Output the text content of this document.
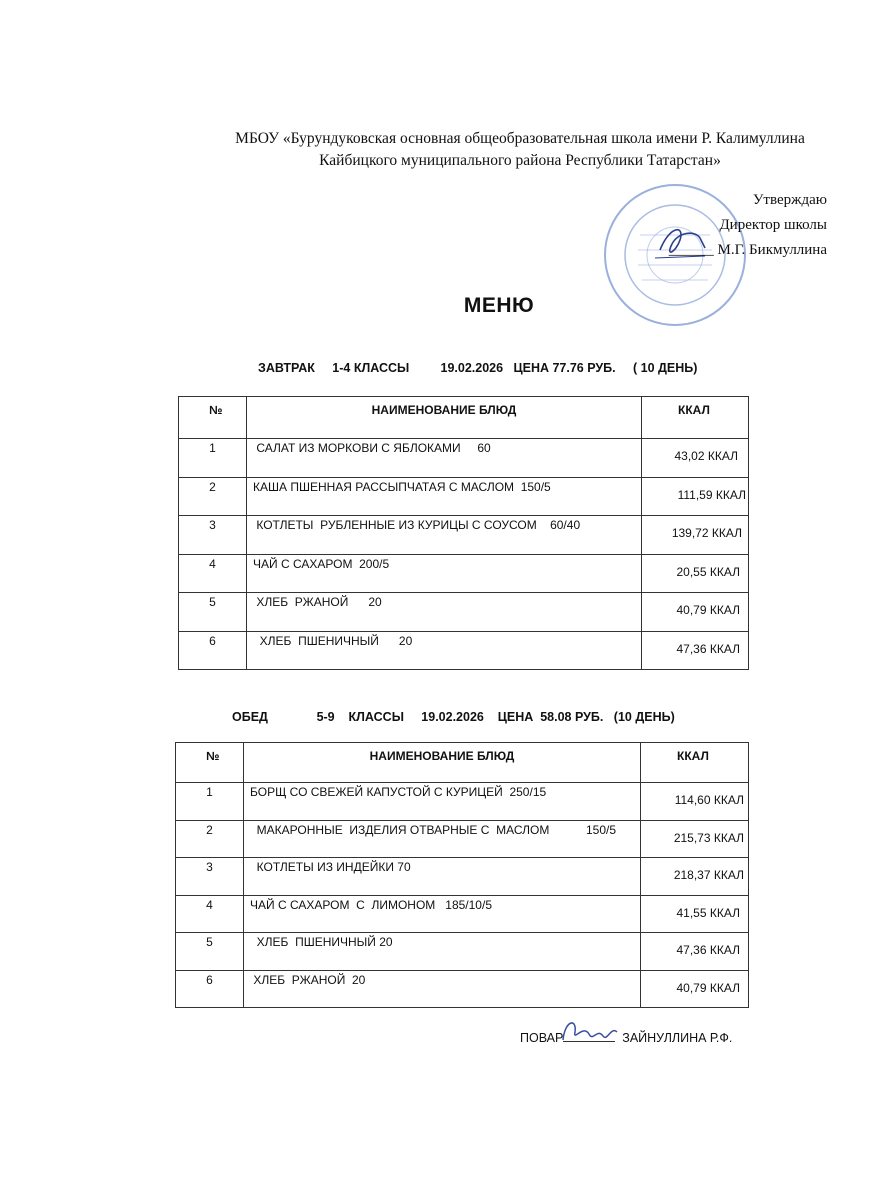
МБОУ «Бурундуковская основная общеобразовательная школа имени Р. Калимуллина
Кайбицкого муниципального района Республики Татарстан»
Утверждаю
Директор школы
______ М.Г. Бикмуллина
МЕНЮ
ЗАВТРАК     1-4 КЛАССЫ         19.02.2026   ЦЕНА 77.76 РУБ.     ( 10 ДЕНЬ)
№	НАИМЕНОВАНИЕ БЛЮД	ККАЛ

1	САЛАТ ИЗ МОРКОВИ С ЯБЛОКАМИ     60	43,02 ККАЛ

2	КАША ПШЕННАЯ РАССЫПЧАТАЯ С МАСЛОМ  150/5	111,59 ККАЛ

3	КОТЛЕТЫ  РУБЛЕННЫЕ ИЗ КУРИЦЫ С СОУСОМ    60/40	139,72 ККАЛ

4	ЧАЙ С САХАРОМ  200/5	20,55 ККАЛ

5	ХЛЕБ  РЖАНОЙ      20	40,79 ККАЛ

6	ХЛЕБ  ПШЕНИЧНЫЙ      20	47,36 ККАЛ
ОБЕД              5-9    КЛАССЫ     19.02.2026    ЦЕНА  58.08 РУБ.   (10 ДЕНЬ)
№	НАИМЕНОВАНИЕ БЛЮД	ККАЛ

1	БОРЩ СО СВЕЖЕЙ КАПУСТОЙ С КУРИЦЕЙ  250/15	114,60 ККАЛ

2	МАКАРОННЫЕ  ИЗДЕЛИЯ ОТВАРНЫЕ С  МАСЛОМ           150/5	215,73 ККАЛ

3	КОТЛЕТЫ ИЗ ИНДЕЙКИ 70	218,37 ККАЛ

4	ЧАЙ С САХАРОМ  С  ЛИМОНОМ   185/10/5	41,55 ККАЛ

5	ХЛЕБ  ПШЕНИЧНЫЙ 20	47,36 ККАЛ

6	ХЛЕБ  РЖАНОЙ  20	40,79 ККАЛ
ПОВАР	ЗАЙНУЛЛИНА Р.Ф.
